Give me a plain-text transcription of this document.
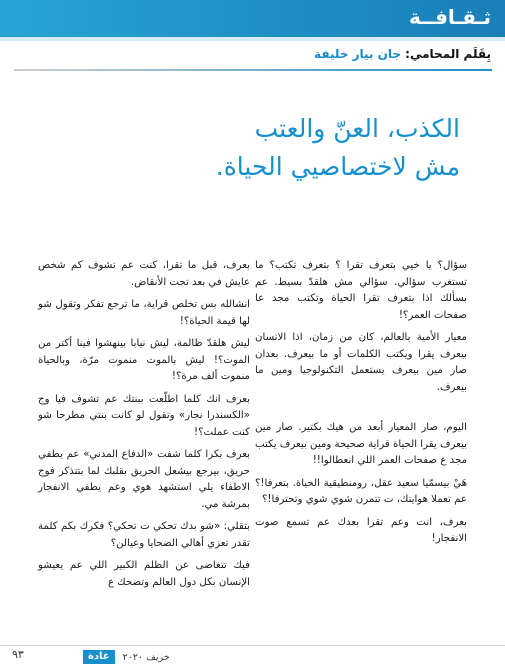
ثـقـافــة
بِقَلَم المحامي: جان بيار خليفة
الكذب، العنّ والعتب
مش لاختصاصيي الحياة.

سؤال؟ يا خيي بتعرف تقرا ؟ بتعرف تكتب؟ ما تستغرب سؤالي. سؤالي مش هلقدّ بسيط. عم بسألك اذا بتعرف تقرا الحياة وتكتب مجد عا صفحات العمر؟!

معيار الأمية بالعالم، كان من زمان، اذا الانسان بيعرف يقرا ويكتب الكلمات أو ما بيعرف. بعدان صار مين بيعرف يستعمل التكنولوجيا ومين ما بيعرف.

اليوم، صار المعيار أبعد من هيك بكتير. صار مين بيعرف يقرا الحياة قراية صحيحة ومين بيعرف يكتب مجد ع صفحات العمر اللي انعطالوا!!

هَيْ بيسمّيا سعيد عقل، رومنطيقية الحياة. بتعرفا!؟ عم تعملا هوايتك، ت تتمرن شوي شوي وتحترفا!؟

بعرف، انت وعم تقرا بعدك عم تسمع صوت الانفجار!

بعرف، قبل ما تقرا، كنت عم تشوف كم شخص عايش في بعد تحت الأنقاض.

انشالله بس تخلص قراية، ما ترجع تفكر وتقول شو لها قيمة الحياة؟!

ليش هلقدّ ظالمة، ليش نيابا بينهشوا فينا أكتر من الموت؟! ليش بالموت منموت مرّة، وبالحياة منموت ألف مرة؟!

بعرف انك كلما اطلّعت ببنتك عم تشوف فيا وج «الكسندرا نجار» وتقول لو كانت بنتي مطرحا شو كنت عملت؟!

بعرف بكرا كلما شفت «الدفاع المدني» عم يطفي حريق، بيرجع بيشعل الحريق بقلبك لما بتتذكر فوج الاطفاء يلي استشهد هوي وعم يطفي الانفجار بمرشة مي.

بتقلي: «شو بدك تحكي ت تحكي؟ فكرك بكم كلمة تقدر تعزي أهالي الضحايا وعيالن؟

فيك تتغاضى عن الظلم الكبير اللي عم يعيشو الإنسان بكل دول العالم وتضحك ع

٩٣	خريف ٢٠٢٠
غادة
